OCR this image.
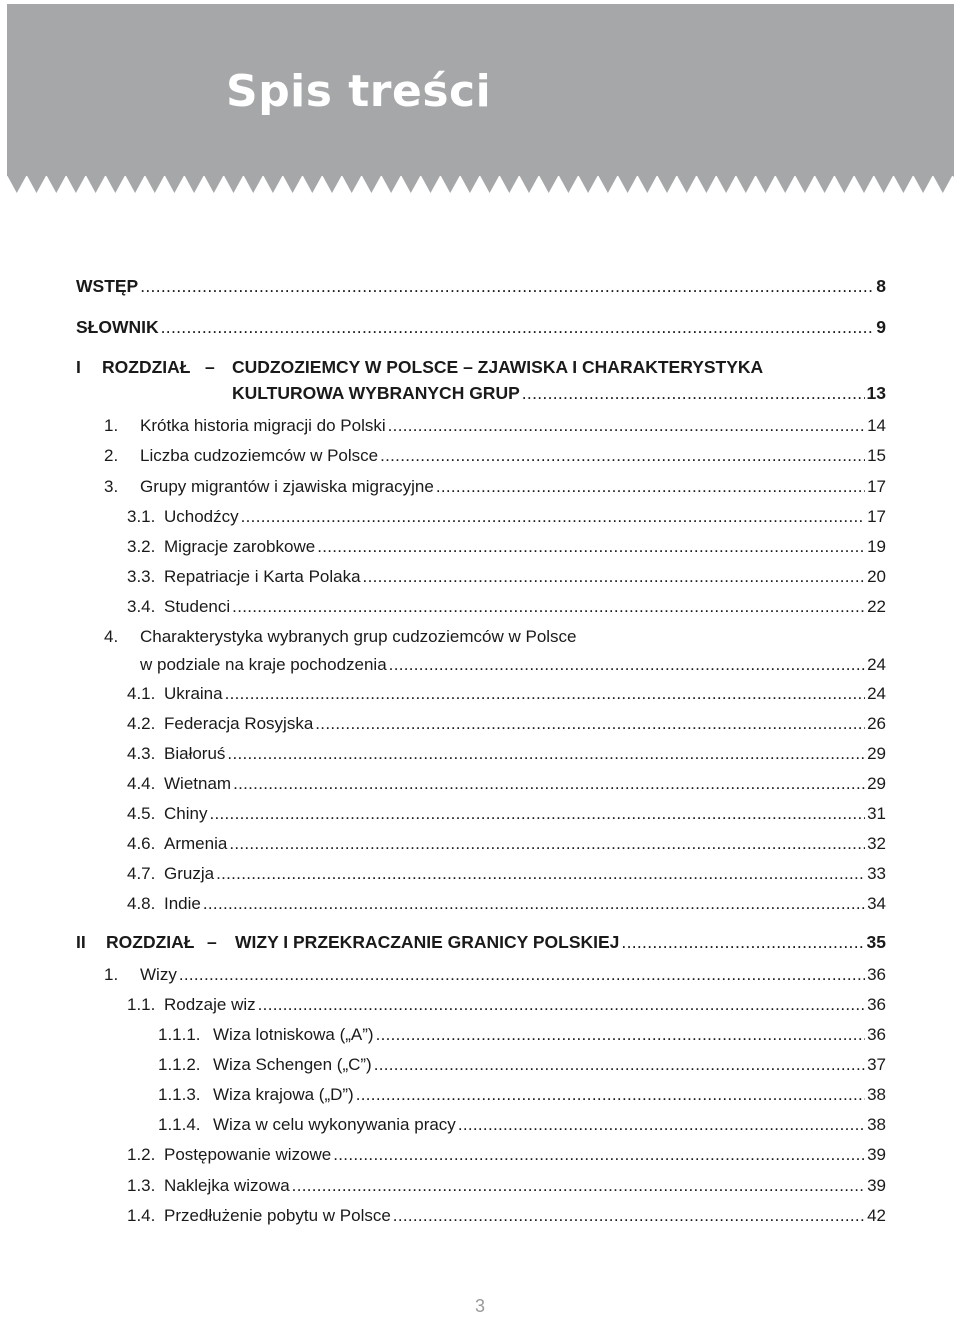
Spis treści
WSTĘP .....	8
SŁOWNIK .....	9
I ROZDZIAŁ – CUDZOZIEMCY W POLSCE – ZJAWISKA I CHARAKTERYSTYKA
KULTUROWA WYBRANYCH GRUP .....	13
1.	Krótka historia migracji do Polski .....	14
2.	Liczba cudzoziemców w Polsce .....	15
3.	Grupy migrantów i zjawiska migracyjne .....	17
3.1. Uchodźcy .....	17
3.2. Migracje zarobkowe .....	19
3.3. Repatriacje i Karta Polaka .....	20
3.4. Studenci .....	22
4. Charakterystyka wybranych grup cudzoziemców w Polsce
w podziale na kraje pochodzenia .....	24
4.1. Ukraina .....	24
4.2. Federacja Rosyjska .....	26
4.3. Białoruś .....	29
4.4. Wietnam .....	29
4.5. Chiny .....	31
4.6. Armenia .....	32
4.7. Gruzja .....	33
4.8. Indie .....	34
II ROZDZIAŁ – WIZY I PRZEKRACZANIE GRANICY POLSKIEJ .....	35
1.	Wizy .....	36
1.1. Rodzaje wiz .....	36
1.1.1. Wiza lotniskowa („A”) .....	36
1.1.2. Wiza Schengen („C”) .....	37
1.1.3. Wiza krajowa („D”) .....	38
1.1.4. Wiza w celu wykonywania pracy .....	38
1.2. Postępowanie wizowe .....	39
1.3. Naklejka wizowa .....	39
1.4. Przedłużenie pobytu w Polsce .....	42
3
